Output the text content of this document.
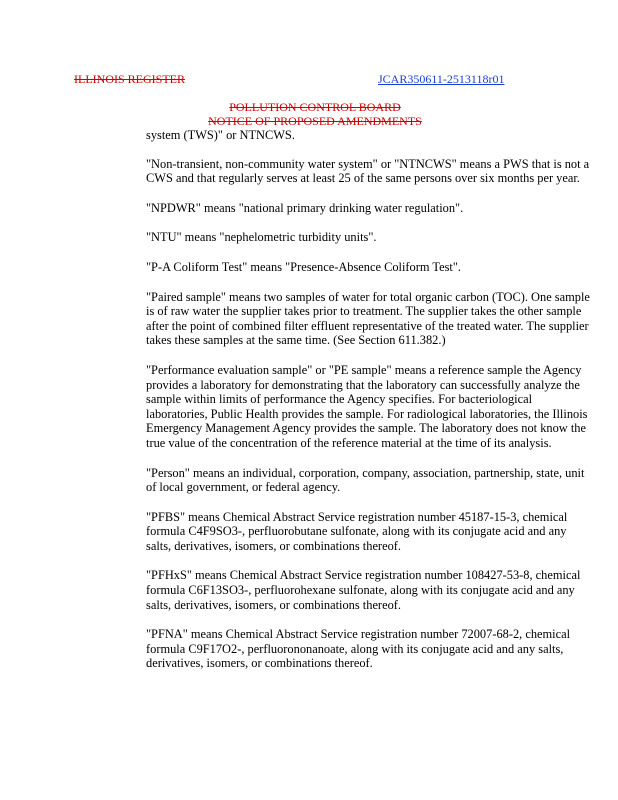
ILLINOIS REGISTER	JCAR350611-2513118r01
POLLUTION CONTROL BOARD
NOTICE OF PROPOSED AMENDMENTS

system (TWS)" or NTNCWS.

"Non-transient, non-community water system" or "NTNCWS" means a PWS that is not a CWS and that regularly serves at least 25 of the same persons over six months per year.

"NPDWR" means "national primary drinking water regulation".

"NTU" means "nephelometric turbidity units".

"P-A Coliform Test" means "Presence-Absence Coliform Test".

"Paired sample" means two samples of water for total organic carbon (TOC). One sample is of raw water the supplier takes prior to treatment. The supplier takes the other sample after the point of combined filter effluent representative of the treated water. The supplier takes these samples at the same time. (See Section 611.382.)

"Performance evaluation sample" or "PE sample" means a reference sample the Agency provides a laboratory for demonstrating that the laboratory can successfully analyze the sample within limits of performance the Agency specifies. For bacteriological laboratories, Public Health provides the sample. For radiological laboratories, the Illinois Emergency Management Agency provides the sample. The laboratory does not know the true value of the concentration of the reference material at the time of its analysis.

"Person" means an individual, corporation, company, association, partnership, state, unit of local government, or federal agency.

"PFBS" means Chemical Abstract Service registration number 45187-15-3, chemical formula C4F9SO3-, perfluorobutane sulfonate, along with its conjugate acid and any salts, derivatives, isomers, or combinations thereof.

"PFHxS" means Chemical Abstract Service registration number 108427-53-8, chemical formula C6F13SO3-, perfluorohexane sulfonate, along with its conjugate acid and any salts, derivatives, isomers, or combinations thereof.

"PFNA" means Chemical Abstract Service registration number 72007-68-2, chemical formula C9F17O2-, perfluorononanoate, along with its conjugate acid and any salts, derivatives, isomers, or combinations thereof.
